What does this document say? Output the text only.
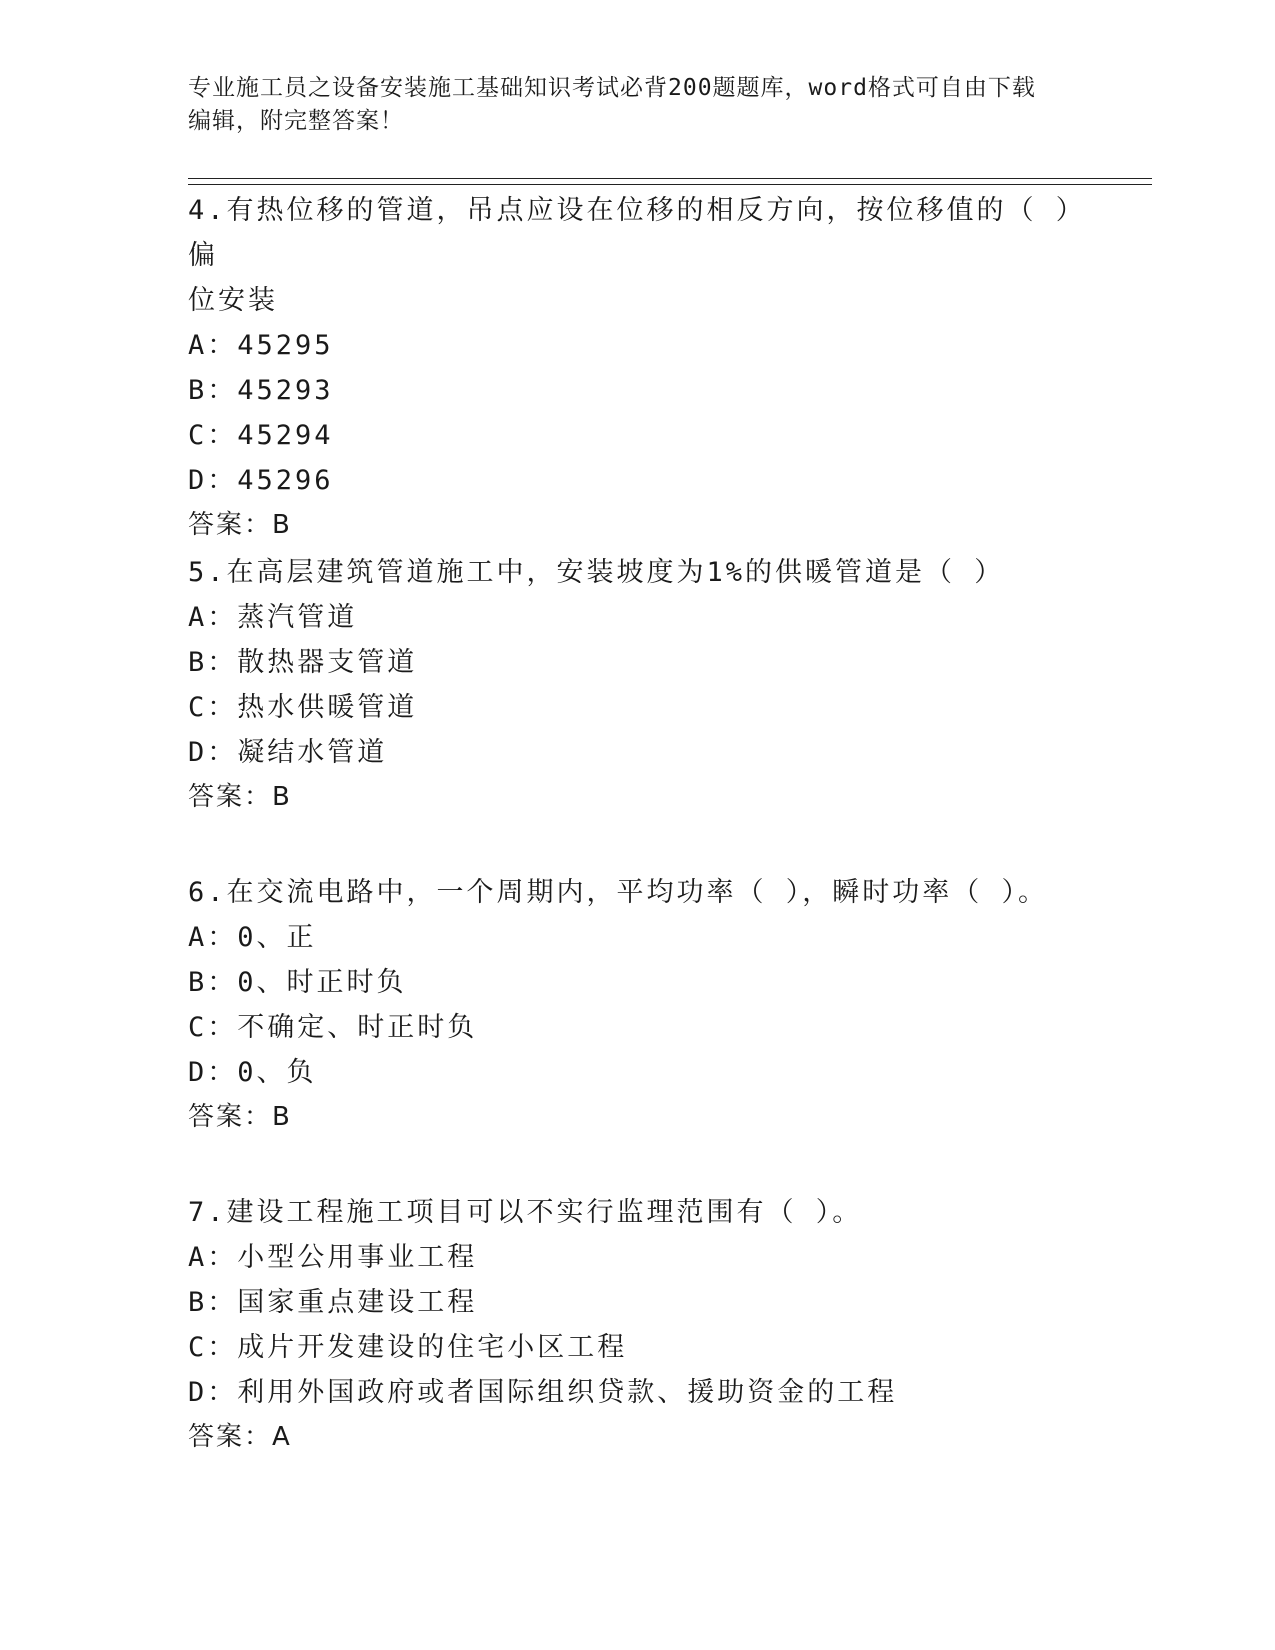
专业施工员之设备安装施工基础知识考试必背200题题库，word格式可自由下载
编辑，附完整答案！

4.有热位移的管道，吊点应设在位移的相反方向，按位移值的（ ）偏

位安装

A：45295

B：45293

C：45294

D：45296

答案：B

5.在高层建筑管道施工中，安装坡度为1%的供暖管道是（ ）

A：蒸汽管道

B：散热器支管道

C：热水供暖管道

D：凝结水管道

答案：B

6.在交流电路中，一个周期内，平均功率（ ），瞬时功率（ ）。

A：0、正

B：0、时正时负

C：不确定、时正时负

D：0、负

答案：B

7.建设工程施工项目可以不实行监理范围有（ ）。

A：小型公用事业工程

B：国家重点建设工程

C：成片开发建设的住宅小区工程

D：利用外国政府或者国际组织贷款、援助资金的工程

答案：A
